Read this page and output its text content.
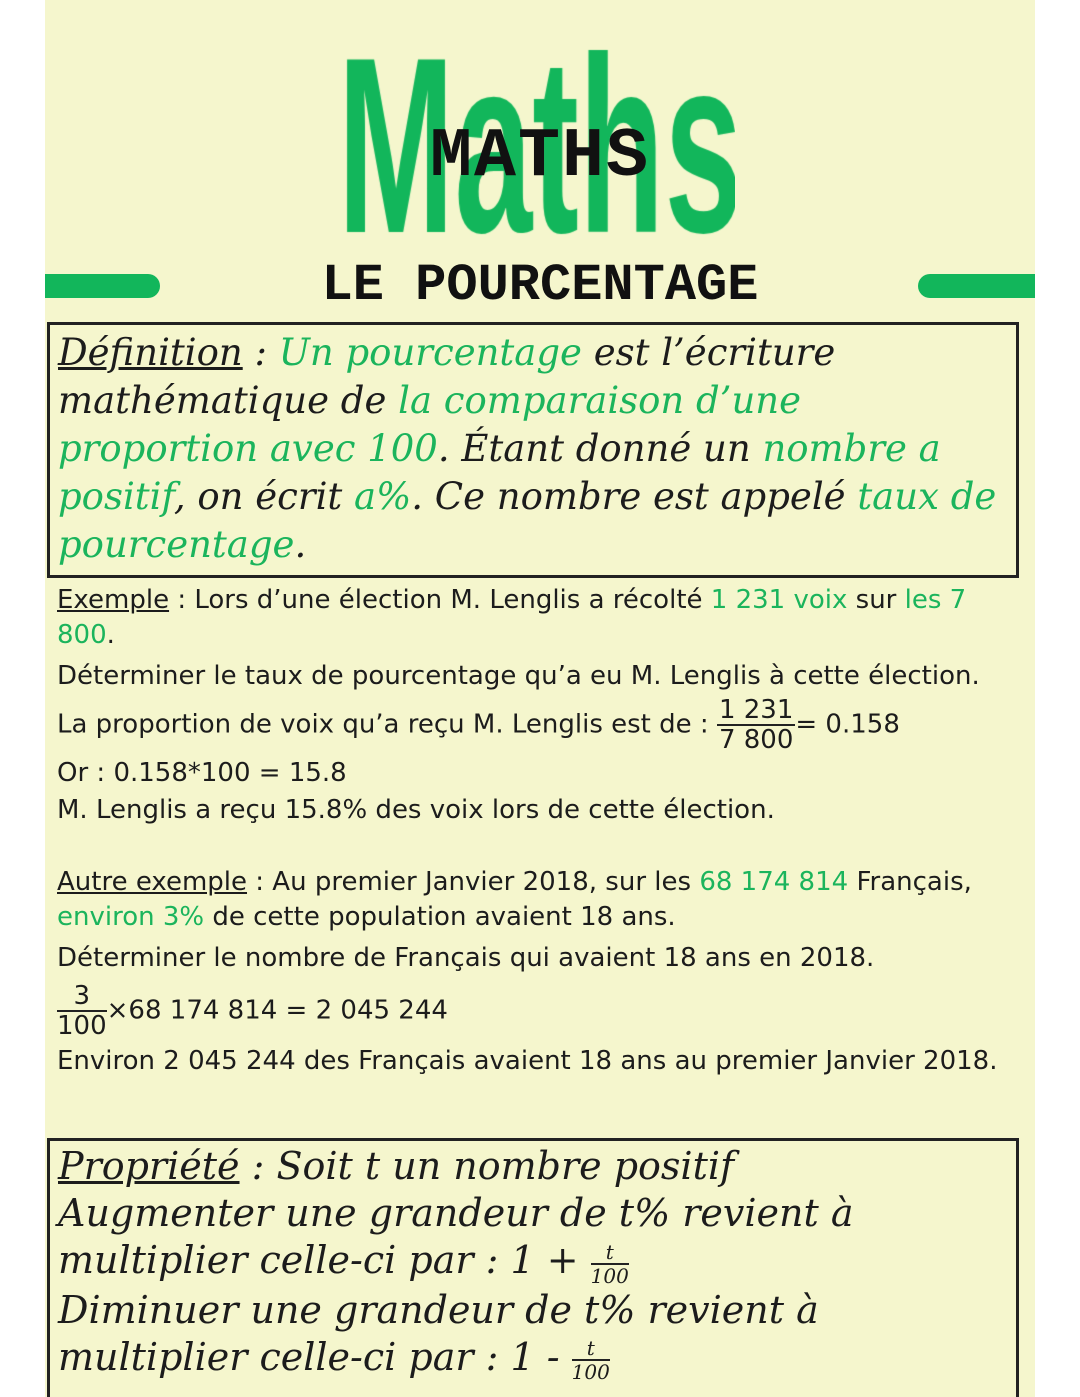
MATHS
LE POURCENTAGE
Définition : Un pourcentage est l’écriture mathématique de la comparaison d’une proportion avec 100. Étant donné un nombre a positif, on écrit a%. Ce nombre est appelé taux de pourcentage.
Exemple : Lors d’une élection M. Lenglis a récolté 1 231 voix sur les 7 800.
Déterminer le taux de pourcentage qu’a eu M. Lenglis à cette élection.
La proportion de voix qu’a reçu M. Lenglis est de : $\frac{1 231}{7 800} = 0.158$
Or : 0.158*100 = 15.8
M. Lenglis a reçu 15.8% des voix lors de cette élection.
Autre exemple : Au premier Janvier 2018, sur les 68 174 814 Français, environ 3% de cette population avaient 18 ans.
Déterminer le nombre de Français qui avaient 18 ans en 2018.
$\frac{3}{100} \times 68$ 174 814 = 2 045 244
Environ 2 045 244 des Français avaient 18 ans au premier Janvier 2018.
Propriété : Soit t un nombre positif
Augmenter une grandeur de t% revient à multiplier celle-ci par : $1 + \frac{t}{100}$
Diminuer une grandeur de t% revient à multiplier celle-ci par : $1 - \frac{t}{100}$
